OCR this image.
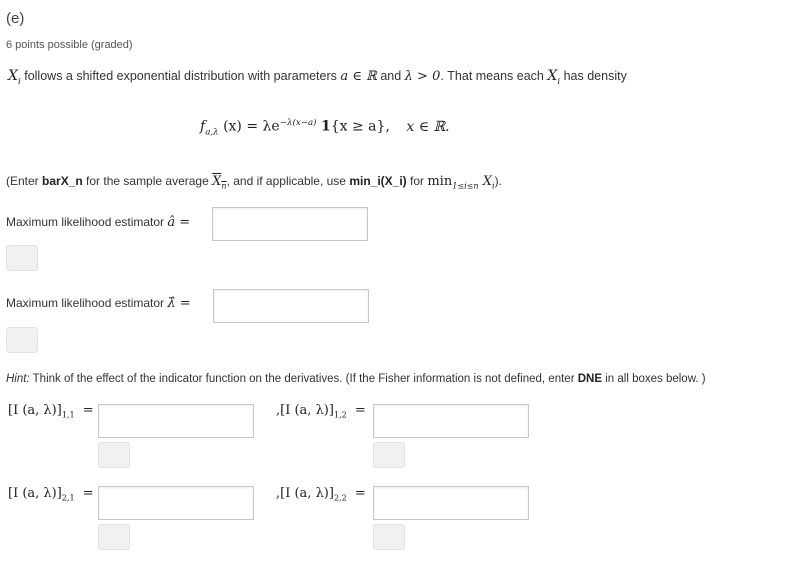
(e)
6 points possible (graded)
$X_i$ follows a shifted exponential distribution with parameters a ∈ ℝ and λ > 0. That means each $X_i$ has density
$f_{a,\lambda}$ $(x) = \lambda e^{-\lambda(x-a)}$ 1{x ≥ a}, x ∈ ℝ.
(Enter barX_n for the sample average $X_n$, and if applicable, use min_i(X_i) for $\min_{1\le i\le n} X_i$).
Maximum likelihood estimator â =
Maximum likelihood estimator λ̂ =
Hint: Think of the effect of the indicator function on the derivatives. (If the Fisher information is not defined, enter DNE in all boxes below. )
[I (a, $\lambda)]_{1,1}$ =	,[I (a, $\lambda)]_{1,2}$ =
[I (a, $\lambda)]_{2,1}$ =	,[I (a, $\lambda)]_{2,2}$ =
